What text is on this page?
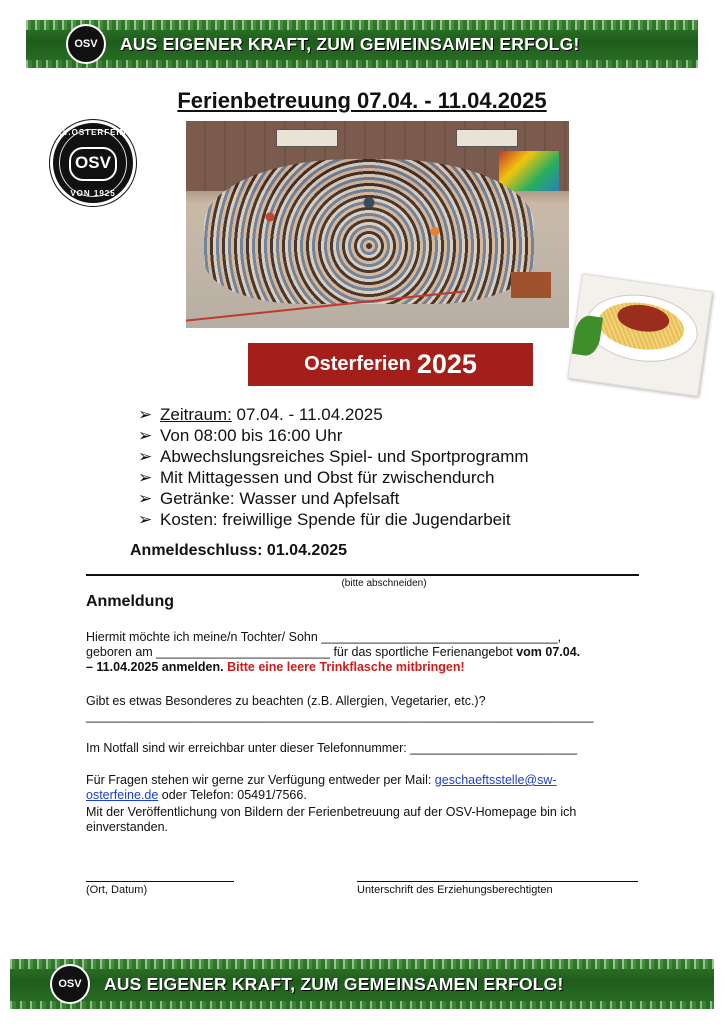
OSV AUS EIGENER KRAFT, ZUM GEMEINSAMEN ERFOLG!
Ferienbetreuung 07.04. - 11.04.2025
S.V.OSTERFEINE
OSV
VON 1925
Osterferien 2025
➢ Zeitraum: 07.04. - 11.04.2025
➢ Von 08:00 bis 16:00 Uhr
➢ Abwechslungsreiches Spiel- und Sportprogramm
➢ Mit Mittagessen und Obst für zwischendurch
➢ Getränke: Wasser und Apfelsaft
➢ Kosten: freiwillige Spende für die Jugendarbeit
Anmeldeschluss: 01.04.2025
(bitte abschneiden)
Anmeldung
Hiermit möchte ich meine/n Tochter/ Sohn __________________________________,
geboren am _________________________ für das sportliche Ferienangebot vom 07.04.
– 11.04.2025 anmelden. Bitte eine leere Trinkflasche mitbringen!
Gibt es etwas Besonderes zu beachten (z.B. Allergien, Vegetarier, etc.)?
_________________________________________________________________________
Im Notfall sind wir erreichbar unter dieser Telefonnummer: ________________________
Für Fragen stehen wir gerne zur Verfügung entweder per Mail: geschaeftsstelle@sw-
osterfeine.de oder Telefon: 05491/7566.
Mit der Veröffentlichung von Bildern der Ferienbetreuung auf der OSV-Homepage bin ich
einverstanden.
(Ort, Datum)	Unterschrift des Erziehungsberechtigten
OSV AUS EIGENER KRAFT, ZUM GEMEINSAMEN ERFOLG!
